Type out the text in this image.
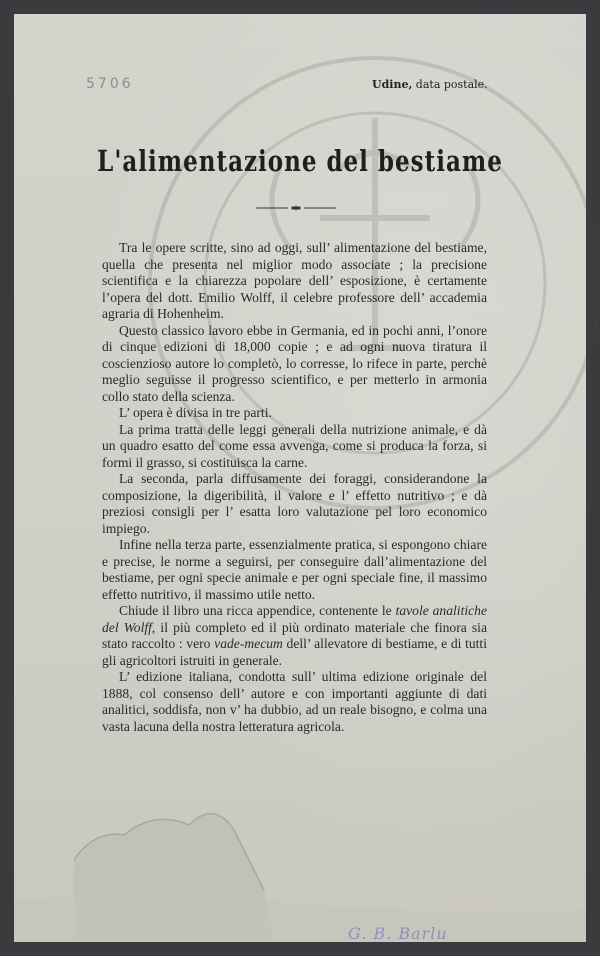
5706	Udine, data postale.
L'alimentazione del bestiame

Tra le opere scritte, sino ad oggi, sull’ alimentazione del bestiame, quella che presenta nel miglior modo associate ; la precisione scientifica e la chiarezza popolare dell’ esposizione, è certamente l’opera del dott. Emilio Wolff, il celebre professore dell’ accademia agraria di Hohenheim.

Questo classico lavoro ebbe in Germania, ed in pochi anni, l’onore di cinque edizioni di 18,000 copie ; e ad ogni nuova tiratura il coscienzioso autore lo completò, lo corresse, lo rifece in parte, perchè meglio seguisse il progresso scientifico, e per metterlo in armonia collo stato della scienza.

L’ opera è divisa in tre parti.

La prima tratta delle leggi generali della nutrizione animale, e dà un quadro esatto del come essa avvenga, come si produca la forza, si formi il grasso, si costituisca la carne.

La seconda, parla diffusamente dei foraggi, considerandone la composizione, la digeribilità, il valore e l’ effetto nutritivo ; e dà preziosi consigli per l’ esatta loro valutazione pel loro economico impiego.

Infine nella terza parte, essenzialmente pratica, si espongono chiare e precise, le norme a seguirsi, per conseguire dall’alimentazione del bestiame, per ogni specie animale e per ogni speciale fine, il massimo effetto nutritivo, il massimo utile netto.

Chiude il libro una ricca appendice, contenente le tavole analitiche del Wolff, il più completo ed il più ordinato materiale che finora sia stato raccolto : vero vade-mecum dell’ allevatore di bestiame, e di tutti gli agricoltori istruiti in generale.

L’ edizione italiana, condotta sull’ ultima edizione originale del 1888, col consenso dell’ autore e con importanti aggiunte di dati analitici, soddisfa, non v’ ha dubbio, ad un reale bisogno, e colma una vasta lacuna della nostra letteratura agricola.

G. B. Barlu
